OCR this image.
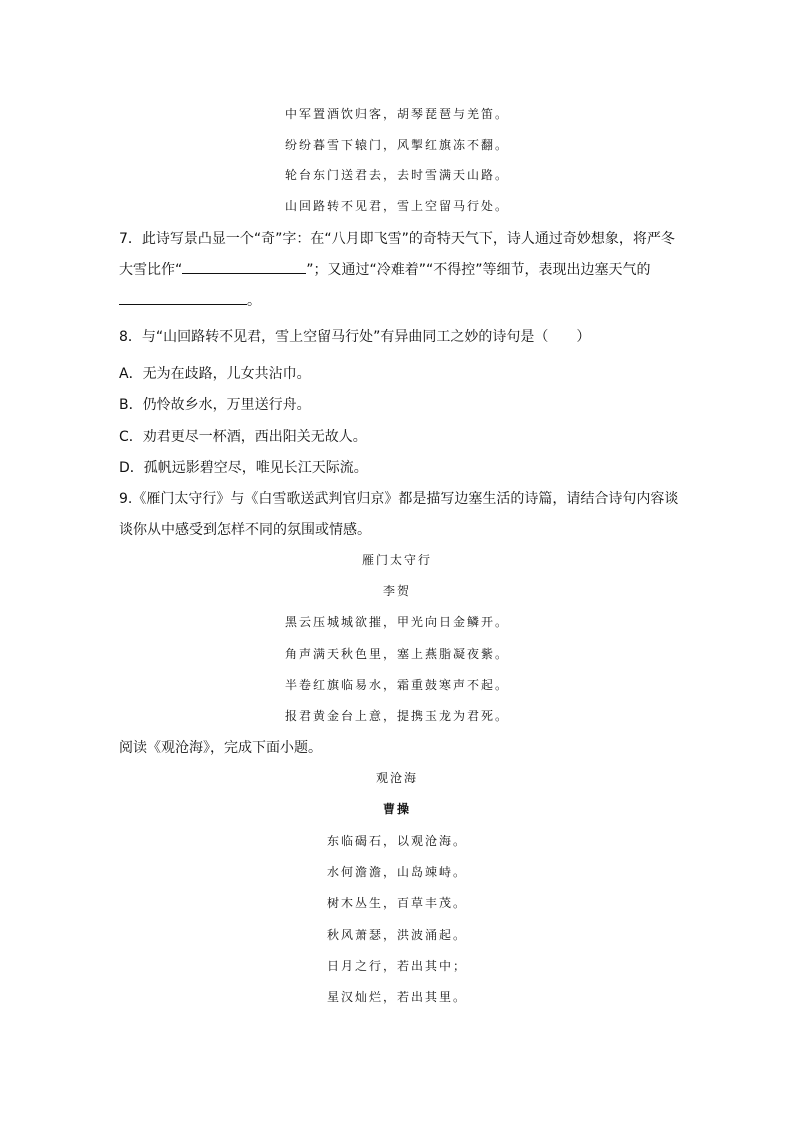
中军置酒饮归客，胡琴琵琶与羌笛。
纷纷暮雪下辕门，风掣红旗冻不翻。
轮台东门送君去，去时雪满天山路。
山回路转不见君，雪上空留马行处。
7．此诗写景凸显一个“奇”字：在“八月即飞雪”的奇特天气下，诗人通过奇妙想象，将严冬
大雪比作“	”；又通过“冷难着”“不得控”等细节，表现出边塞天气的
。
8．与“山回路转不见君，雪上空留马行处”有异曲同工之妙的诗句是（　　）
A．无为在歧路，儿女共沾巾。
B．仍怜故乡水，万里送行舟。
C．劝君更尽一杯酒，西出阳关无故人。
D．孤帆远影碧空尽，唯见长江天际流。
9.《雁门太守行》与《白雪歌送武判官归京》都是描写边塞生活的诗篇，请结合诗句内容谈
谈你从中感受到怎样不同的氛围或情感。
雁门太守行
李贺
黑云压城城欲摧，甲光向日金鳞开。
角声满天秋色里，塞上燕脂凝夜紫。
半卷红旗临易水，霜重鼓寒声不起。
报君黄金台上意，提携玉龙为君死。
阅读《观沧海》，完成下面小题。
观沧海
曹操
东临碣石，以观沧海。
水何澹澹，山岛竦峙。
树木丛生，百草丰茂。
秋风萧瑟，洪波涌起。
日月之行，若出其中；
星汉灿烂，若出其里。
